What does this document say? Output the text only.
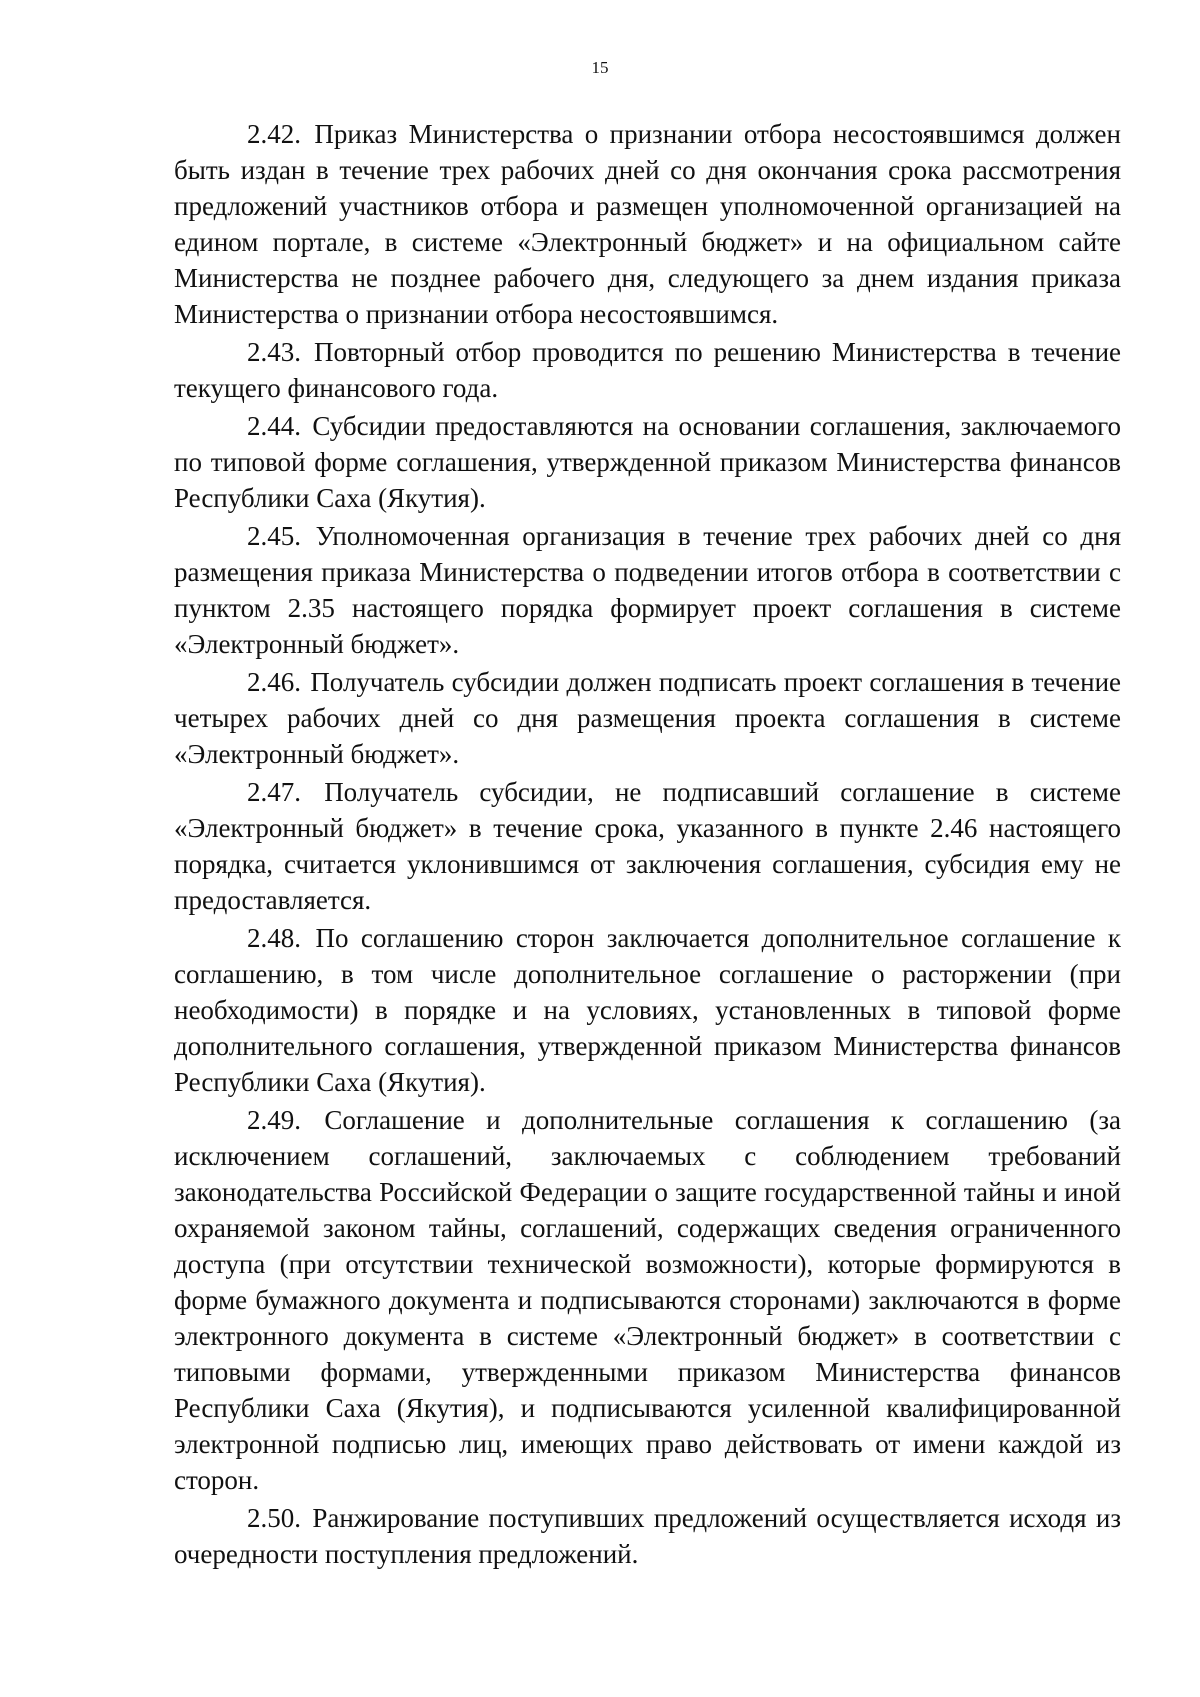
15

2.42. Приказ Министерства о признании отбора несостоявшимся должен быть издан в течение трех рабочих дней со дня окончания срока рассмотрения предложений участников отбора и размещен уполномоченной организацией на едином портале, в системе «Электронный бюджет» и на официальном сайте Министерства не позднее рабочего дня, следующего за днем издания приказа Министерства о признании отбора несостоявшимся.

2.43. Повторный отбор проводится по решению Министерства в течение текущего финансового года.

2.44. Субсидии предоставляются на основании соглашения, заключаемого по типовой форме соглашения, утвержденной приказом Министерства финансов Республики Саха (Якутия).

2.45. Уполномоченная организация в течение трех рабочих дней со дня размещения приказа Министерства о подведении итогов отбора в соответствии с пунктом 2.35 настоящего порядка формирует проект соглашения в системе «Электронный бюджет».

2.46. Получатель субсидии должен подписать проект соглашения в течение четырех рабочих дней со дня размещения проекта соглашения в системе «Электронный бюджет».

2.47. Получатель субсидии, не подписавший соглашение в системе «Электронный бюджет» в течение срока, указанного в пункте 2.46 настоящего порядка, считается уклонившимся от заключения соглашения, субсидия ему не предоставляется.

2.48. По соглашению сторон заключается дополнительное соглашение к соглашению, в том числе дополнительное соглашение о расторжении (при необходимости) в порядке и на условиях, установленных в типовой форме дополнительного соглашения, утвержденной приказом Министерства финансов Республики Саха (Якутия).

2.49. Соглашение и дополнительные соглашения к соглашению (за исключением соглашений, заключаемых с соблюдением требований законодательства Российской Федерации о защите государственной тайны и иной охраняемой законом тайны, соглашений, содержащих сведения ограниченного доступа (при отсутствии технической возможности), которые формируются в форме бумажного документа и подписываются сторонами) заключаются в форме электронного документа в системе «Электронный бюджет» в соответствии с типовыми формами, утвержденными приказом Министерства финансов Республики Саха (Якутия), и подписываются усиленной квалифицированной электронной подписью лиц, имеющих право действовать от имени каждой из сторон.

2.50. Ранжирование поступивших предложений осуществляется исходя из очередности поступления предложений.
